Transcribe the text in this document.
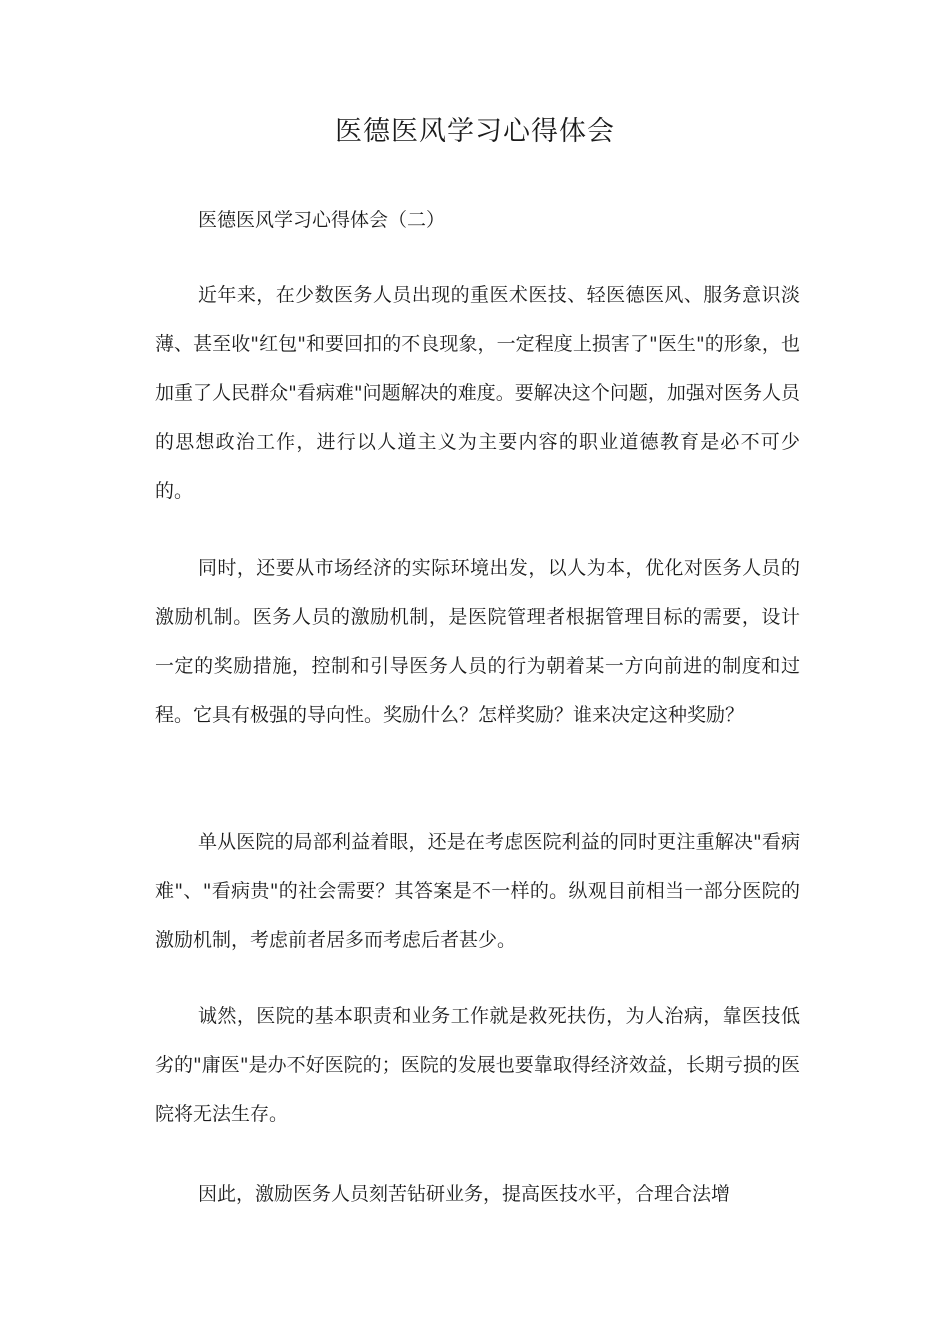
医德医风学习心得体会

医德医风学习心得体会（二）

近年来，在少数医务人员出现的重医术医技、轻医德医风、服务意识淡薄、甚至收"红包"和要回扣的不良现象，一定程度上损害了"医生"的形象，也加重了人民群众"看病难"问题解决的难度。要解决这个问题，加强对医务人员的思想政治工作，进行以人道主义为主要内容的职业道德教育是必不可少的。

同时，还要从市场经济的实际环境出发，以人为本，优化对医务人员的激励机制。医务人员的激励机制，是医院管理者根据管理目标的需要，设计一定的奖励措施，控制和引导医务人员的行为朝着某一方向前进的制度和过程。它具有极强的导向性。奖励什么？怎样奖励？谁来决定这种奖励？

单从医院的局部利益着眼，还是在考虑医院利益的同时更注重解决"看病难"、"看病贵"的社会需要？其答案是不一样的。纵观目前相当一部分医院的激励机制，考虑前者居多而考虑后者甚少。

诚然，医院的基本职责和业务工作就是救死扶伤，为人治病，靠医技低劣的"庸医"是办不好医院的；医院的发展也要靠取得经济效益，长期亏损的医院将无法生存。

因此，激励医务人员刻苦钻研业务，提高医技水平，合理合法增
